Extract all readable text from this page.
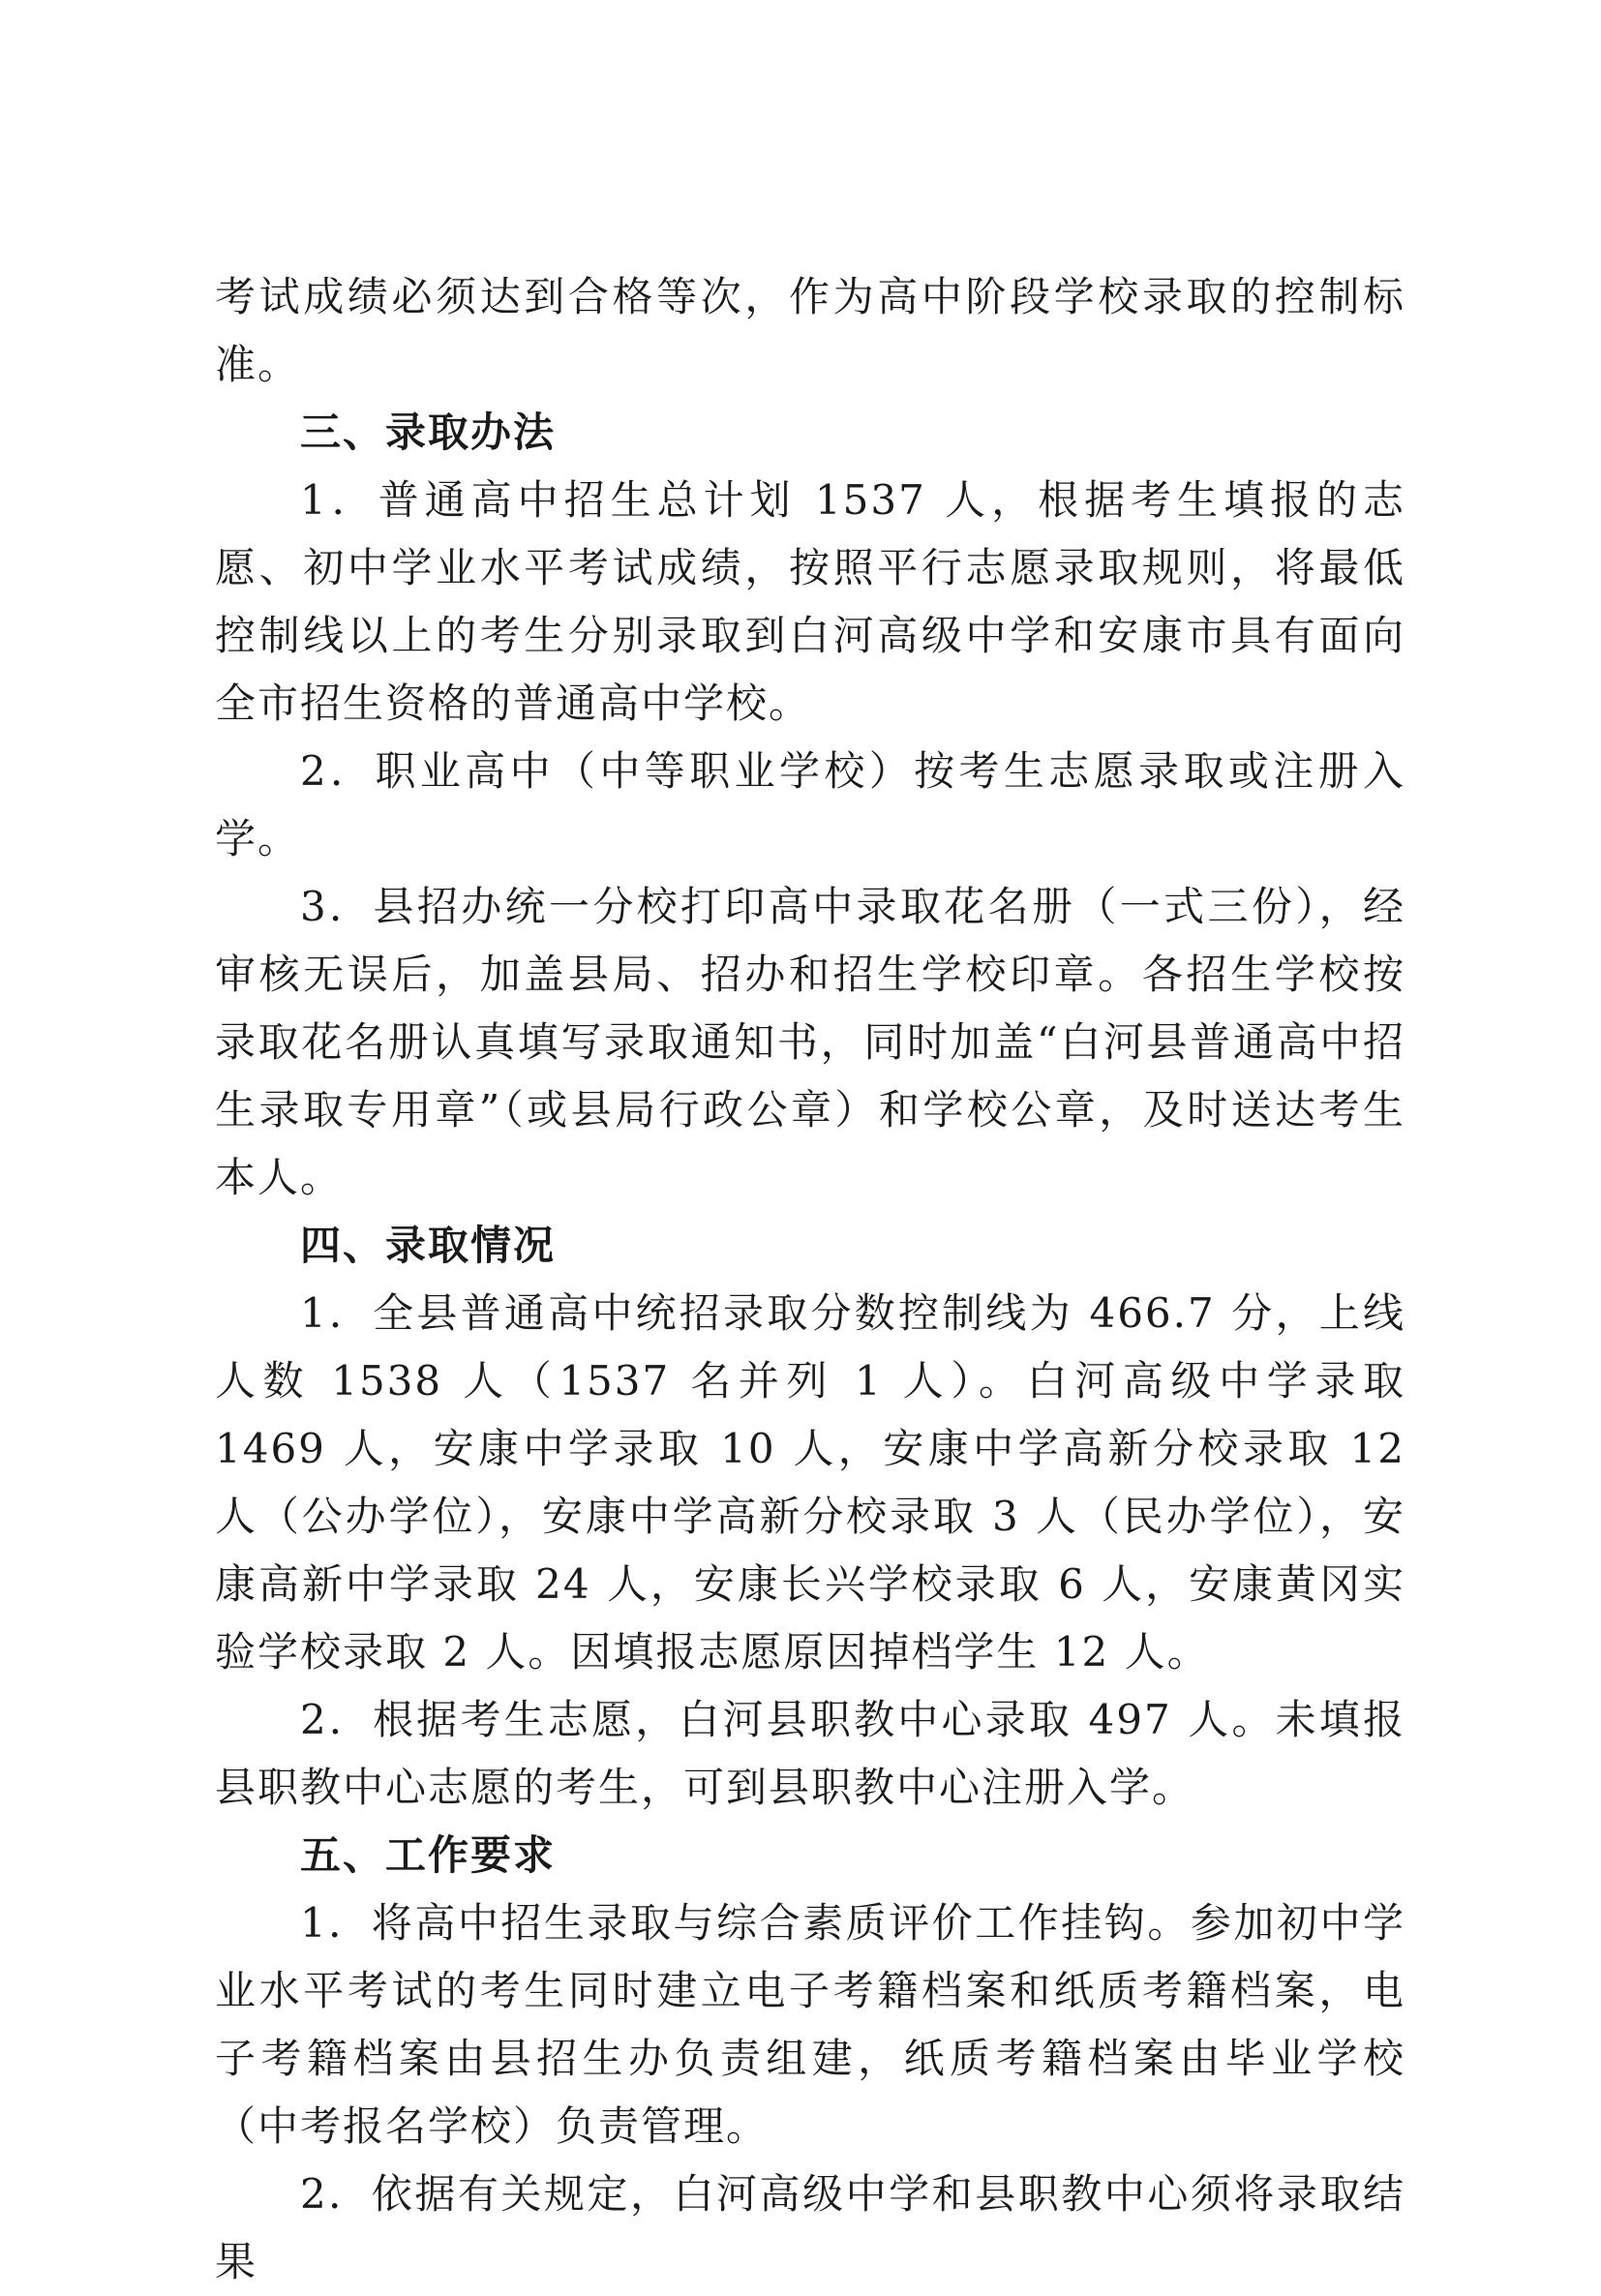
考试成绩必须达到合格等次，作为高中阶段学校录取的控制标准。

三、录取办法

1．普通高中招生总计划 1537 人，根据考生填报的志愿、初中学业水平考试成绩，按照平行志愿录取规则，将最低控制线以上的考生分别录取到白河高级中学和安康市具有面向全市招生资格的普通高中学校。

2．职业高中（中等职业学校）按考生志愿录取或注册入学。

3．县招办统一分校打印高中录取花名册（一式三份），经审核无误后，加盖县局、招办和招生学校印章。各招生学校按录取花名册认真填写录取通知书，同时加盖“白河县普通高中招生录取专用章”（或县局行政公章）和学校公章，及时送达考生本人。

四、录取情况

1．全县普通高中统招录取分数控制线为 466.7 分，上线人数 1538 人（1537 名并列 1 人）。白河高级中学录取 1469 人，安康中学录取 10 人，安康中学高新分校录取 12 人（公办学位），安康中学高新分校录取 3 人（民办学位），安康高新中学录取 24 人，安康长兴学校录取 6 人，安康黄冈实验学校录取 2 人。因填报志愿原因掉档学生 12 人。

2．根据考生志愿，白河县职教中心录取 497 人。未填报县职教中心志愿的考生，可到县职教中心注册入学。

五、工作要求

1．将高中招生录取与综合素质评价工作挂钩。参加初中学业水平考试的考生同时建立电子考籍档案和纸质考籍档案，电子考籍档案由县招生办负责组建，纸质考籍档案由毕业学校（中考报名学校）负责管理。

2．依据有关规定，白河高级中学和县职教中心须将录取结果
